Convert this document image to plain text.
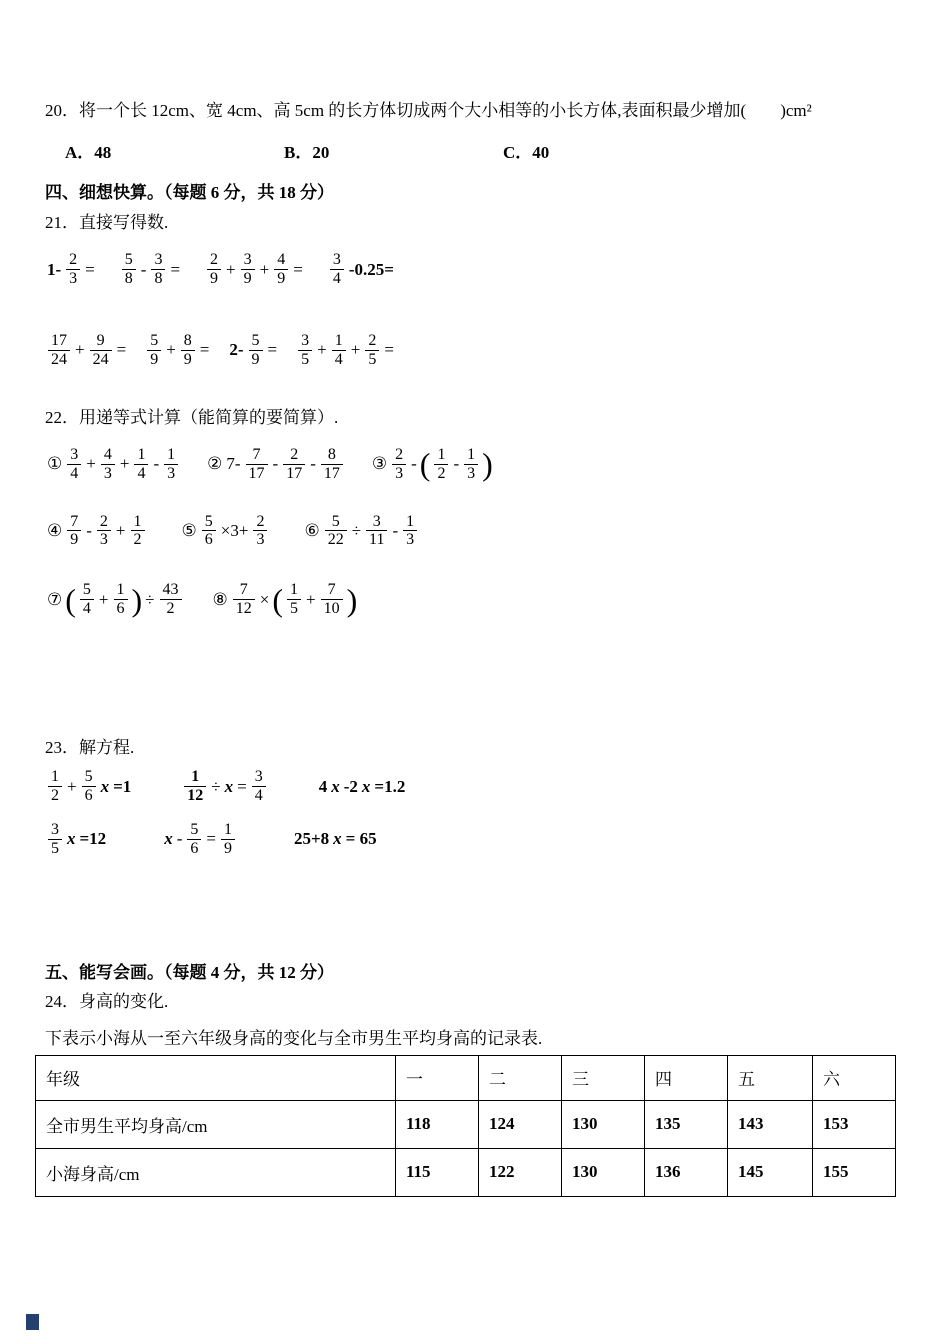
20．将一个长 12cm、宽 4cm、高 5cm 的长方体切成两个大小相等的小长方体,表面积最少增加(　　)cm²

A．48	B．20	C．40

四、细想快算。（每题 6 分，共 18 分）

21．直接写得数.

$1- \frac{2}{3} = \frac{5}{8} - \frac{3}{8} = \frac{2}{9} + \frac{3}{9} + \frac{4}{9} = \frac{3}{4} -0.25=$
$\frac{17}{24} + \frac{9}{24} = \frac{5}{9} + \frac{8}{9} = 2- \frac{5}{9} = \frac{3}{5} + \frac{1}{4} + \frac{2}{5}$ =

22．用递等式计算（能简算的要简算）.

① $\frac{3}{4} + \frac{4}{3} + \frac{1}{4} - \frac{1}{3}$ ② $7- \frac{7}{17} - \frac{2}{17} - \frac{8}{17}$ ③ $\frac{2}{3}$ - ( $\frac{1}{2} - \frac{1}{3}$ )
④ $\frac{7}{9} - \frac{2}{3} + \frac{1}{2}$ ⑤ $\frac{5}{6} \times 3+ \frac{2}{3}$ ⑥ $\frac{5}{22} \div \frac{3}{11} - \frac{1}{3}$
⑦ ( $\frac{5}{4} + \frac{1}{6}$ ) ÷ $\frac{43}{2}$ ⑧ $\frac{7}{12}$ × ( $\frac{1}{5} + \frac{7}{10}$ )

23．解方程.

$\frac{1}{2} + \frac{5}{6}$ x =1	$\frac{1}{12} \div x = \frac{3}{4}$	4 x -2 x =1.2
$\frac{3}{5}$ x =12	$x - \frac{5}{6} = \frac{1}{9}$	25+8 x = 65

五、能写会画。（每题 4 分，共 12 分）

24．身高的变化.

下表示小海从一至六年级身高的变化与全市男生平均身高的记录表.

年级	一	二	三	四	五	六
全市男生平均身高/cm	118	124	130	135	143	153
小海身高/cm	115	122	130	136	145	155
